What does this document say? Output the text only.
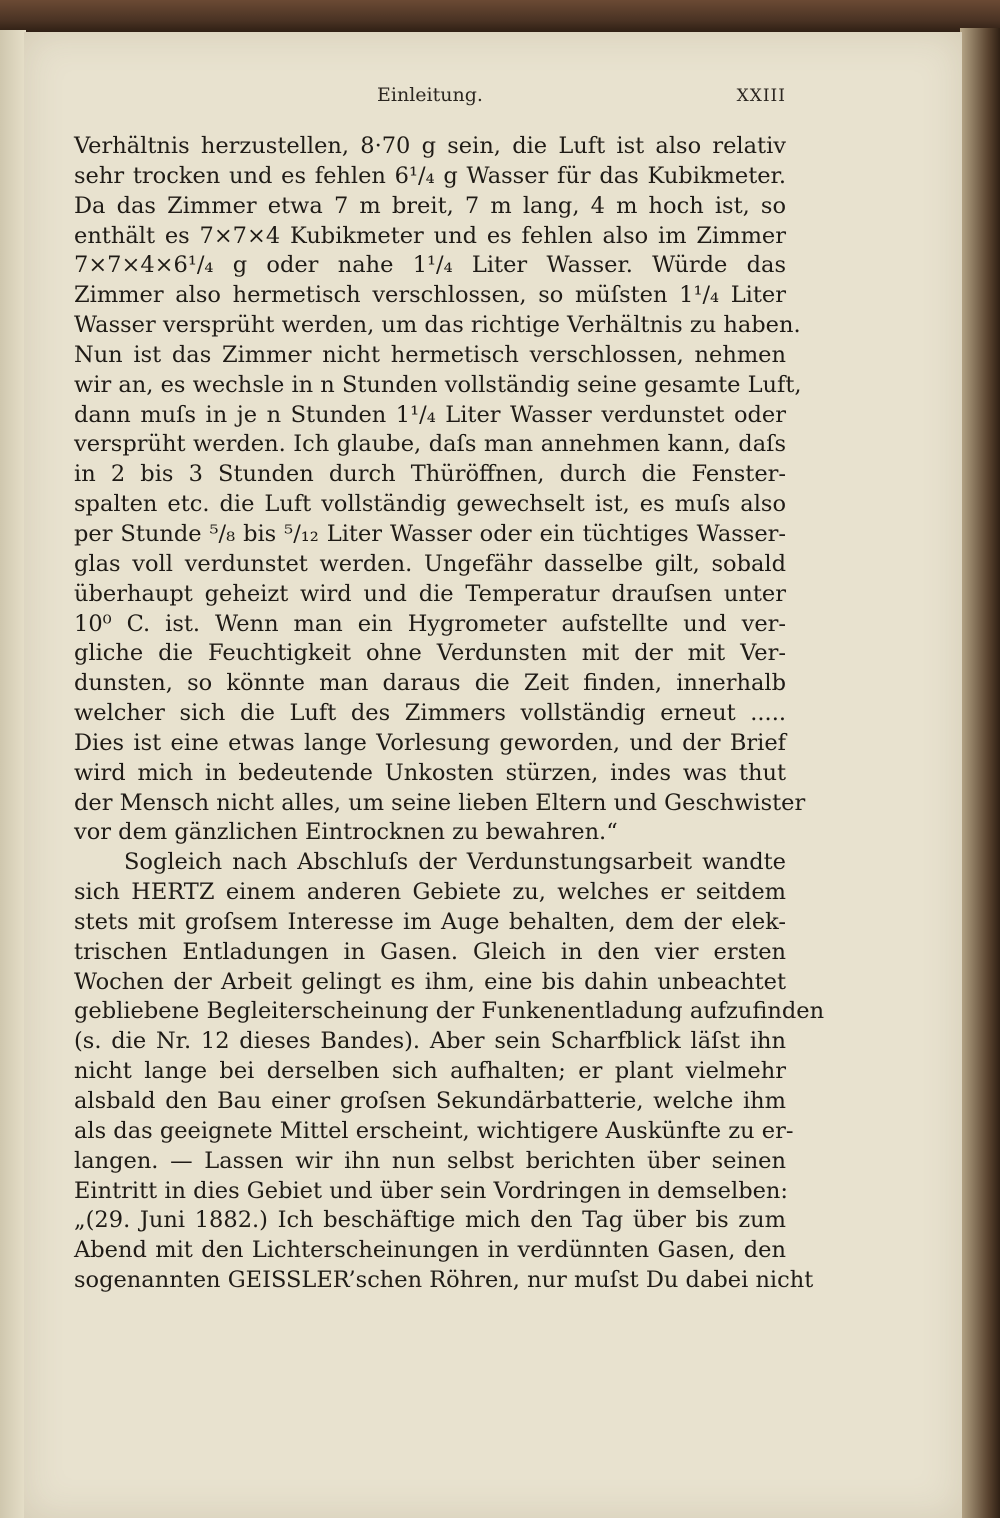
Einleitung.	XXIII
Verhältnis herzustellen, 8·70 g sein, die Luft ist also relativ
sehr trocken und es fehlen 6¹/₄ g Wasser für das Kubikmeter.
Da das Zimmer etwa 7 m breit, 7 m lang, 4 m hoch ist, so
enthält es 7×7×4 Kubikmeter und es fehlen also im Zimmer
7×7×4×6¹/₄ g oder nahe 1¹/₄ Liter Wasser. Würde das
Zimmer also hermetisch verschlossen, so müſsten 1¹/₄ Liter
Wasser versprüht werden, um das richtige Verhältnis zu haben.
Nun ist das Zimmer nicht hermetisch verschlossen, nehmen
wir an, es wechsle in n Stunden vollständig seine gesamte Luft,
dann muſs in je n Stunden 1¹/₄ Liter Wasser verdunstet oder
versprüht werden. Ich glaube, daſs man annehmen kann, daſs
in 2 bis 3 Stunden durch Thüröffnen, durch die Fenster-
spalten etc. die Luft vollständig gewechselt ist, es muſs also
per Stunde ⁵/₈ bis ⁵/₁₂ Liter Wasser oder ein tüchtiges Wasser-
glas voll verdunstet werden. Ungefähr dasselbe gilt, sobald
überhaupt geheizt wird und die Temperatur drauſsen unter
10⁰ C. ist. Wenn man ein Hygrometer aufstellte und ver-
gliche die Feuchtigkeit ohne Verdunsten mit der mit Ver-
dunsten, so könnte man daraus die Zeit finden, innerhalb
welcher sich die Luft des Zimmers vollständig erneut .....
Dies ist eine etwas lange Vorlesung geworden, und der Brief
wird mich in bedeutende Unkosten stürzen, indes was thut
der Mensch nicht alles, um seine lieben Eltern und Geschwister
vor dem gänzlichen Eintrocknen zu bewahren.“
Sogleich nach Abschluſs der Verdunstungsarbeit wandte
sich HERTZ einem anderen Gebiete zu, welches er seitdem
stets mit groſsem Interesse im Auge behalten, dem der elek-
trischen Entladungen in Gasen. Gleich in den vier ersten
Wochen der Arbeit gelingt es ihm, eine bis dahin unbeachtet
gebliebene Begleiterscheinung der Funkenentladung aufzufinden
(s. die Nr. 12 dieses Bandes). Aber sein Scharfblick läſst ihn
nicht lange bei derselben sich aufhalten; er plant vielmehr
alsbald den Bau einer groſsen Sekundärbatterie, welche ihm
als das geeignete Mittel erscheint, wichtigere Auskünfte zu er-
langen. — Lassen wir ihn nun selbst berichten über seinen
Eintritt in dies Gebiet und über sein Vordringen in demselben:
„(29. Juni 1882.) Ich beschäftige mich den Tag über bis zum
Abend mit den Lichterscheinungen in verdünnten Gasen, den
sogenannten GEISSLER’schen Röhren, nur muſst Du dabei nicht
